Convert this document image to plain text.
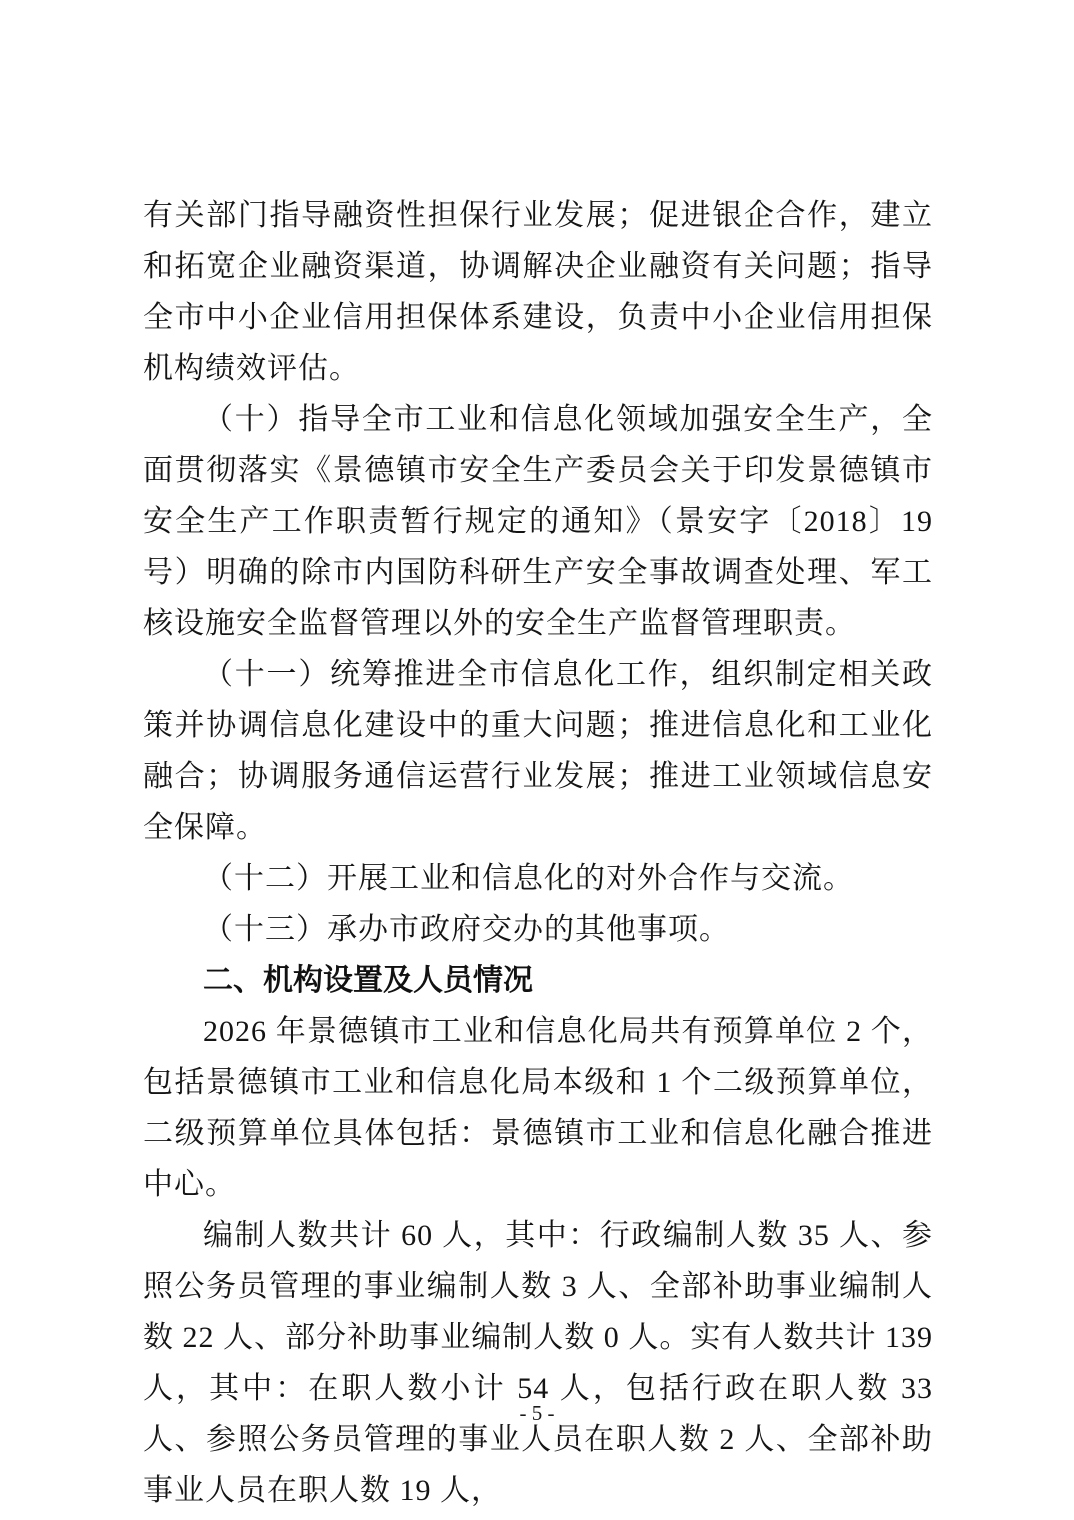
有关部门指导融资性担保行业发展；促进银企合作，建立和拓宽企业融资渠道，协调解决企业融资有关问题；指导全市中小企业信用担保体系建设，负责中小企业信用担保机构绩效评估。

（十）指导全市工业和信息化领域加强安全生产，全面贯彻落实《景德镇市安全生产委员会关于印发景德镇市安全生产工作职责暂行规定的通知》（景安字〔2018〕19 号）明确的除市内国防科研生产安全事故调查处理、军工核设施安全监督管理以外的安全生产监督管理职责。

（十一）统筹推进全市信息化工作，组织制定相关政策并协调信息化建设中的重大问题；推进信息化和工业化融合；协调服务通信运营行业发展；推进工业领域信息安全保障。

（十二）开展工业和信息化的对外合作与交流。

（十三）承办市政府交办的其他事项。

二、机构设置及人员情况

2026 年景德镇市工业和信息化局共有预算单位 2 个，包括景德镇市工业和信息化局本级和 1 个二级预算单位，二级预算单位具体包括：景德镇市工业和信息化融合推进中心。

编制人数共计 60 人，其中：行政编制人数 35 人、参照公务员管理的事业编制人数 3 人、全部补助事业编制人数 22 人、部分补助事业编制人数 0 人。实有人数共计 139 人，其中：在职人数小计 54 人，包括行政在职人数 33 人、参照公务员管理的事业人员在职人数 2 人、全部补助事业人员在职人数 19 人，

- 5 -
